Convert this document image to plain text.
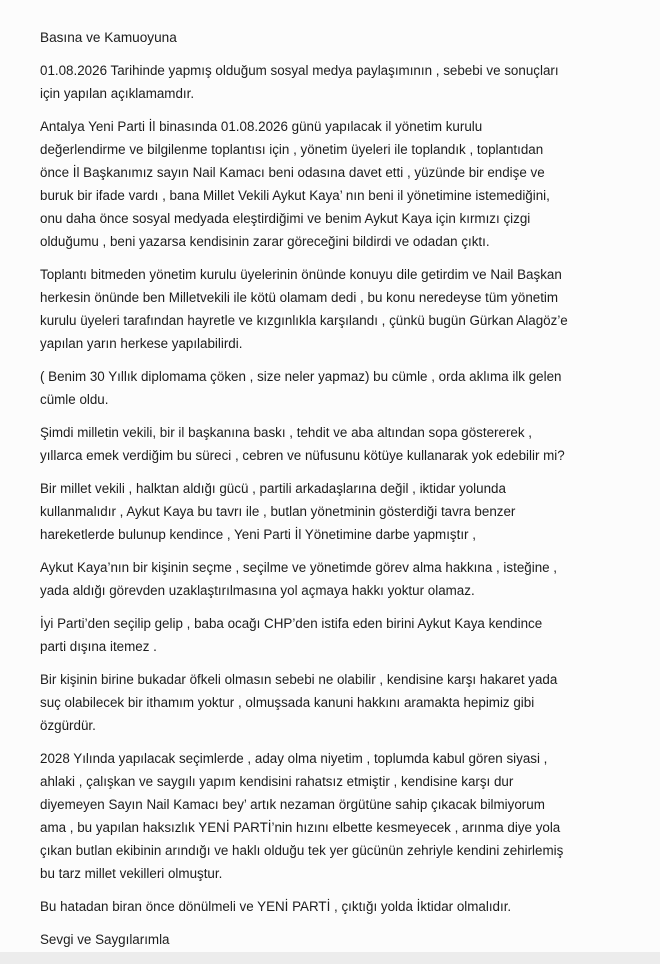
Basına ve Kamuoyuna
01.08.2026 Tarihinde yapmış olduğum sosyal medya paylaşımının , sebebi ve sonuçları
için yapılan açıklamamdır.
Antalya Yeni Parti İl binasında 01.08.2026 günü yapılacak il yönetim kurulu
değerlendirme ve bilgilenme toplantısı için , yönetim üyeleri ile toplandık , toplantıdan
önce İl Başkanımız sayın Nail Kamacı beni odasına davet etti , yüzünde bir endişe ve
buruk bir ifade vardı , bana Millet Vekili Aykut Kaya’ nın beni il yönetimine istemediğini,
onu daha önce sosyal medyada eleştirdiğimi ve benim Aykut Kaya için kırmızı çizgi
olduğumu , beni yazarsa kendisinin zarar göreceğini bildirdi ve odadan çıktı.
Toplantı bitmeden yönetim kurulu üyelerinin önünde konuyu dile getirdim ve Nail Başkan
herkesin önünde ben Milletvekili ile kötü olamam dedi , bu konu neredeyse tüm yönetim
kurulu üyeleri tarafından hayretle ve kızgınlıkla karşılandı , çünkü bugün Gürkan Alagöz’e
yapılan yarın herkese yapılabilirdi.
( Benim 30 Yıllık diplomama çöken , size neler yapmaz) bu cümle , orda aklıma ilk gelen
cümle oldu.
Şimdi milletin vekili, bir il başkanına baskı , tehdit ve aba altından sopa göstererek ,
yıllarca emek verdiğim bu süreci , cebren ve nüfusunu kötüye kullanarak yok edebilir mi?
Bir millet vekili , halktan aldığı gücü , partili arkadaşlarına değil , iktidar yolunda
kullanmalıdır , Aykut Kaya bu tavrı ile , butlan yönetminin gösterdiği tavra benzer
hareketlerde bulunup kendince , Yeni Parti İl Yönetimine darbe yapmıştır ,
Aykut Kaya’nın bir kişinin seçme , seçilme ve yönetimde görev alma hakkına , isteğine ,
yada aldığı görevden uzaklaştırılmasına yol açmaya hakkı yoktur olamaz.
İyi Parti’den seçilip gelip , baba ocağı CHP’den istifa eden birini Aykut Kaya kendince
parti dışına itemez .
Bir kişinin birine bukadar öfkeli olmasın sebebi ne olabilir , kendisine karşı hakaret yada
suç olabilecek bir ithamım yoktur , olmuşsada kanuni hakkını aramakta hepimiz gibi
özgürdür.
2028 Yılında yapılacak seçimlerde , aday olma niyetim , toplumda kabul gören siyasi ,
ahlaki , çalışkan ve saygılı yapım kendisini rahatsız etmiştir , kendisine karşı dur
diyemeyen Sayın Nail Kamacı bey’ artık nezaman örgütüne sahip çıkacak bilmiyorum
ama , bu yapılan haksızlık YENİ PARTİ’nin hızını elbette kesmeyecek , arınma diye yola
çıkan butlan ekibinin arındığı ve haklı olduğu tek yer gücünün zehriyle kendini zehirlemiş
bu tarz millet vekilleri olmuştur.
Bu hatadan biran önce dönülmeli ve YENİ PARTİ , çıktığı yolda İktidar olmalıdır.
Sevgi ve Saygılarımla
